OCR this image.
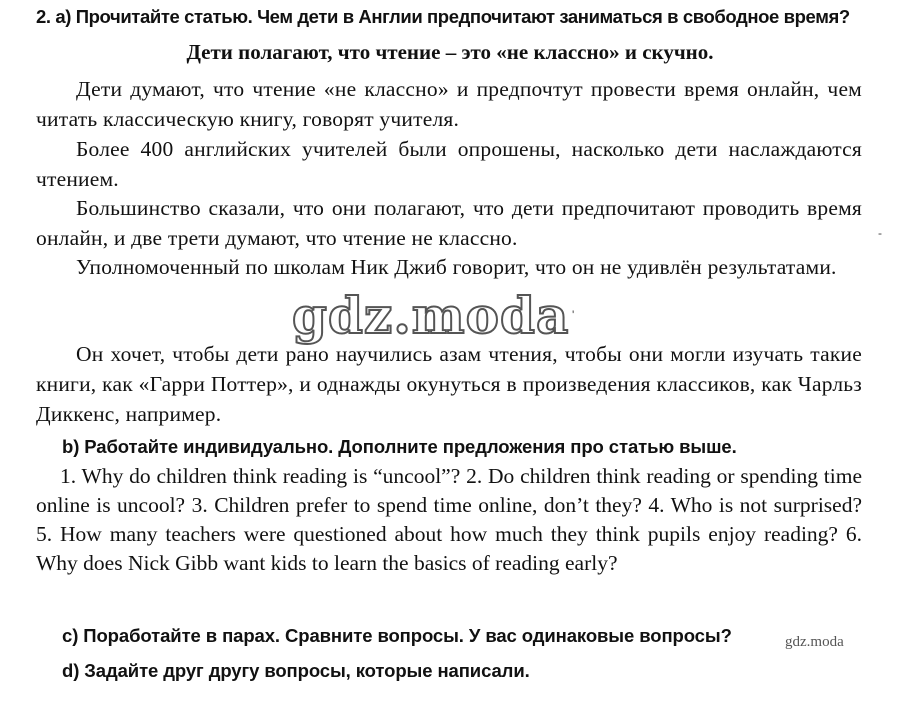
2. а) Прочитайте статью. Чем дети в Англии предпочитают заниматься в свободное время?
Дети полагают, что чтение – это «не классно» и скучно.

Дети думают, что чтение «не классно» и предпочтут провести время онлайн, чем читать классическую книгу, говорят учителя.

Более 400 английских учителей были опрошены, насколько дети наслаждаются чтением.

Большинство сказали, что они полагают, что дети предпочитают проводить время онлайн, и две трети думают, что чтение не классно.

Уполномоченный по школам Ник Джиб говорит, что он не удивлён результатами.

gdz.moda

Он хочет, чтобы дети рано научились азам чтения, чтобы они могли изучать такие книги, как «Гарри Поттер», и однажды окунуться в произведения классиков, как Чарльз Диккенс, например.

b) Работайте индивидуально. Дополните предложения про статью выше.

1. Why do children think reading is “uncool”? 2. Do children think reading or spending time online is uncool? 3. Children prefer to spend time online, don’t they? 4. Who is not surprised? 5. How many teachers were questioned about how much they think pupils enjoy reading? 6. Why does Nick Gibb want kids to learn the basics of reading early?

c) Поработайте в парах. Сравните вопросы. У вас одинаковые вопросы?	gdz.moda
d) Задайте друг другу вопросы, которые написали.
-
'
